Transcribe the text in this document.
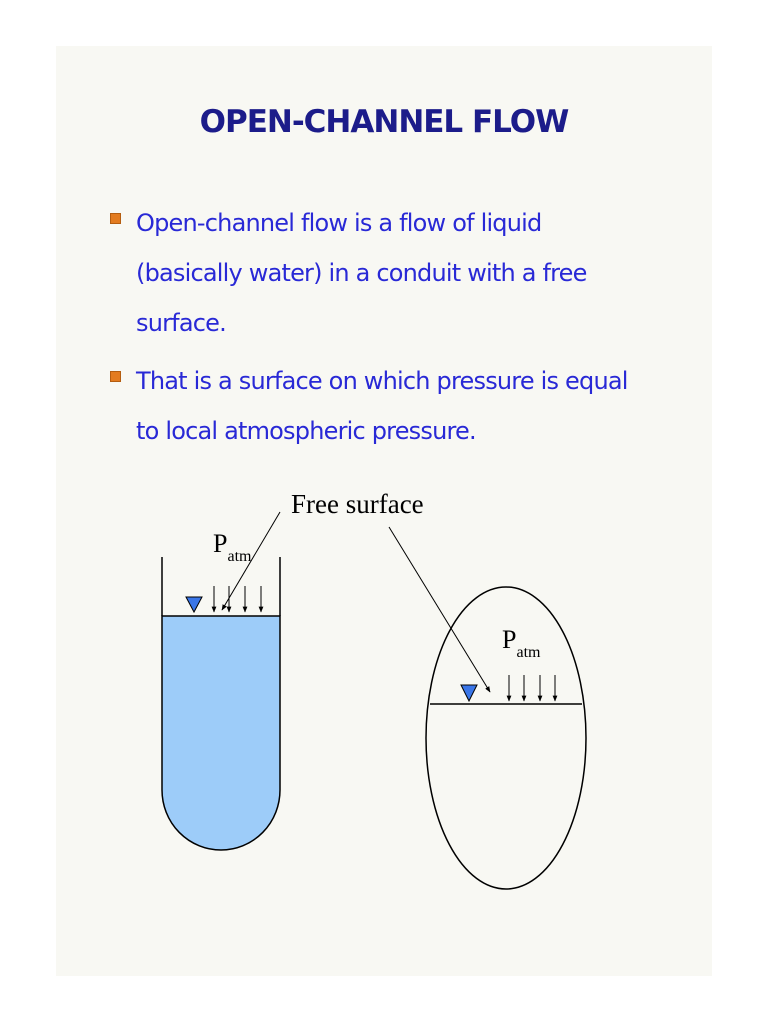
OPEN-CHANNEL FLOW
Open-channel flow is a flow of liquid (basically water) in a conduit with a free surface.
That is a surface on which pressure is equal to local atmospheric pressure.
$P_{atm}$
Free surface
$P_{atm}$
